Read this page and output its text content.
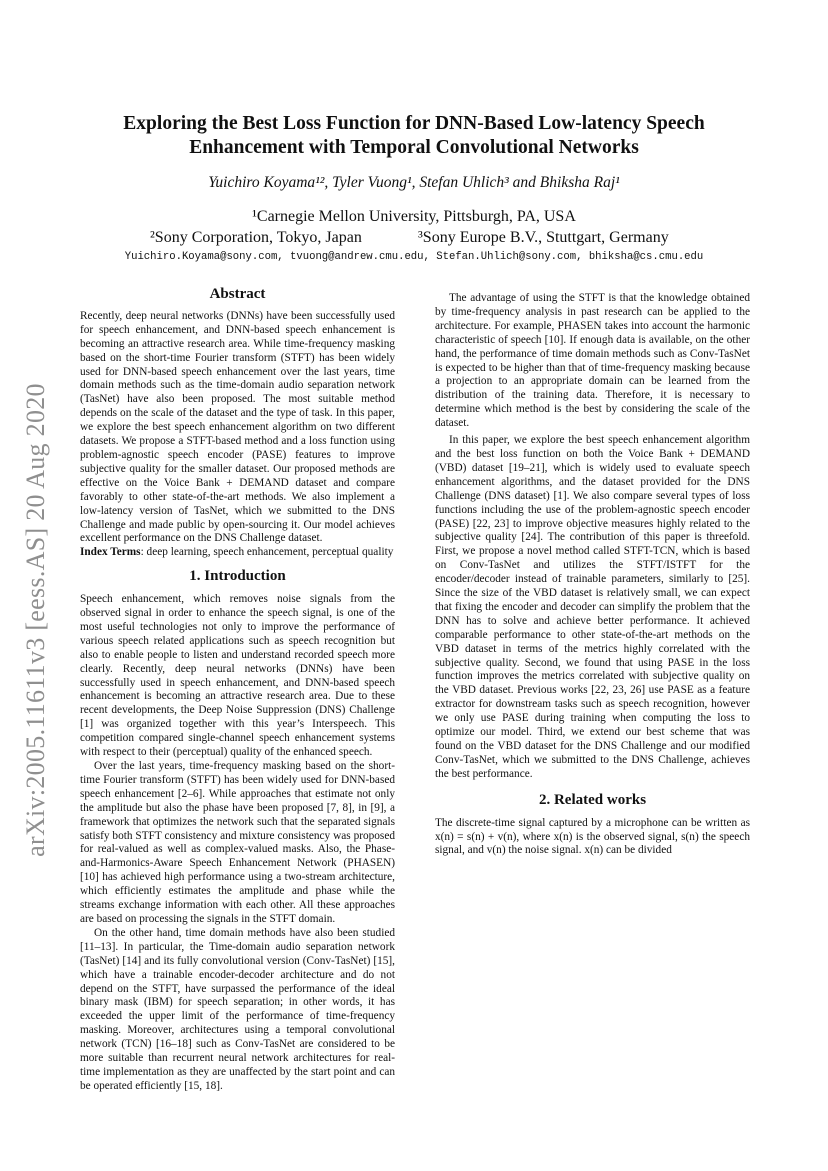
arXiv:2005.11611v3 [eess.AS] 20 Aug 2020
Exploring the Best Loss Function for DNN-Based Low-latency Speech
Enhancement with Temporal Convolutional Networks
Yuichiro Koyama¹², Tyler Vuong¹, Stefan Uhlich³ and Bhiksha Raj¹
¹Carnegie Mellon University, Pittsburgh, PA, USA
²Sony Corporation, Tokyo, Japan	³Sony Europe B.V., Stuttgart, Germany
Yuichiro.Koyama@sony.com, tvuong@andrew.cmu.edu, Stefan.Uhlich@sony.com, bhiksha@cs.cmu.edu
Abstract

Recently, deep neural networks (DNNs) have been successfully used for speech enhancement, and DNN-based speech enhancement is becoming an attractive research area. While time-frequency masking based on the short-time Fourier transform (STFT) has been widely used for DNN-based speech enhancement over the last years, time domain methods such as the time-domain audio separation network (TasNet) have also been proposed. The most suitable method depends on the scale of the dataset and the type of task. In this paper, we explore the best speech enhancement algorithm on two different datasets. We propose a STFT-based method and a loss function using problem-agnostic speech encoder (PASE) features to improve subjective quality for the smaller dataset. Our proposed methods are effective on the Voice Bank + DEMAND dataset and compare favorably to other state-of-the-art methods. We also implement a low-latency version of TasNet, which we submitted to the DNS Challenge and made public by open-sourcing it. Our model achieves excellent performance on the DNS Challenge dataset.

Index Terms: deep learning, speech enhancement, perceptual quality

1. Introduction

Speech enhancement, which removes noise signals from the observed signal in order to enhance the speech signal, is one of the most useful technologies not only to improve the performance of various speech related applications such as speech recognition but also to enable people to listen and understand recorded speech more clearly. Recently, deep neural networks (DNNs) have been successfully used in speech enhancement, and DNN-based speech enhancement is becoming an attractive research area. Due to these recent developments, the Deep Noise Suppression (DNS) Challenge [1] was organized together with this year’s Interspeech. This competition compared single-channel speech enhancement systems with respect to their (perceptual) quality of the enhanced speech.

Over the last years, time-frequency masking based on the short-time Fourier transform (STFT) has been widely used for DNN-based speech enhancement [2–6]. While approaches that estimate not only the amplitude but also the phase have been proposed [7, 8], in [9], a framework that optimizes the network such that the separated signals satisfy both STFT consistency and mixture consistency was proposed for real-valued as well as complex-valued masks. Also, the Phase-and-Harmonics-Aware Speech Enhancement Network (PHASEN) [10] has achieved high performance using a two-stream architecture, which efficiently estimates the amplitude and phase while the streams exchange information with each other. All these approaches are based on processing the signals in the STFT domain.

On the other hand, time domain methods have also been studied [11–13]. In particular, the Time-domain audio separation network (TasNet) [14] and its fully convolutional version (Conv-TasNet) [15], which have a trainable encoder-decoder architecture and do not depend on the STFT, have surpassed the performance of the ideal binary mask (IBM) for speech separation; in other words, it has exceeded the upper limit of the performance of time-frequency masking. Moreover, architectures using a temporal convolutional network (TCN) [16–18] such as Conv-TasNet are considered to be more suitable than recurrent neural network architectures for real-time implementation as they are unaffected by the start point and can be operated efficiently [15, 18].

The advantage of using the STFT is that the knowledge obtained by time-frequency analysis in past research can be applied to the architecture. For example, PHASEN takes into account the harmonic characteristic of speech [10]. If enough data is available, on the other hand, the performance of time domain methods such as Conv-TasNet is expected to be higher than that of time-frequency masking because a projection to an appropriate domain can be learned from the distribution of the training data. Therefore, it is necessary to determine which method is the best by considering the scale of the dataset.

In this paper, we explore the best speech enhancement algorithm and the best loss function on both the Voice Bank + DEMAND (VBD) dataset [19–21], which is widely used to evaluate speech enhancement algorithms, and the dataset provided for the DNS Challenge (DNS dataset) [1]. We also compare several types of loss functions including the use of the problem-agnostic speech encoder (PASE) [22, 23] to improve objective measures highly related to the subjective quality [24]. The contribution of this paper is threefold. First, we propose a novel method called STFT-TCN, which is based on Conv-TasNet and utilizes the STFT/ISTFT for the encoder/decoder instead of trainable parameters, similarly to [25]. Since the size of the VBD dataset is relatively small, we can expect that fixing the encoder and decoder can simplify the problem that the DNN has to solve and achieve better performance. It achieved comparable performance to other state-of-the-art methods on the VBD dataset in terms of the metrics highly correlated with the subjective quality. Second, we found that using PASE in the loss function improves the metrics correlated with subjective quality on the VBD dataset. Previous works [22, 23, 26] use PASE as a feature extractor for downstream tasks such as speech recognition, however we only use PASE during training when computing the loss to optimize our model. Third, we extend our best scheme that was found on the VBD dataset for the DNS Challenge and our modified Conv-TasNet, which we submitted to the DNS Challenge, achieves the best performance.

2. Related works

The discrete-time signal captured by a microphone can be written as x(n) = s(n) + v(n), where x(n) is the observed signal, s(n) the speech signal, and v(n) the noise signal. x(n) can be divided
